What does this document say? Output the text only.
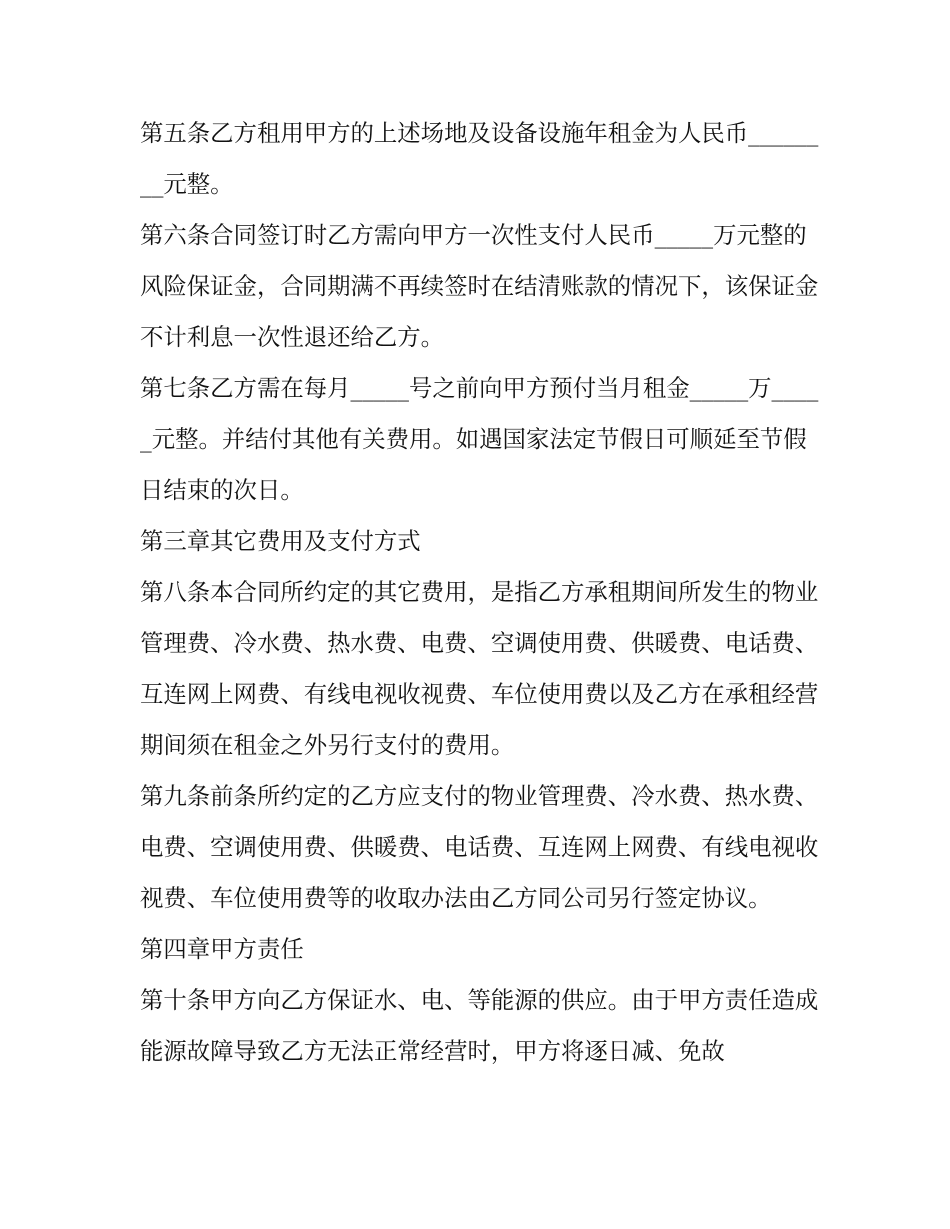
第五条乙方租用甲方的上述场地及设备设施年租金为人民币________元整。

第六条合同签订时乙方需向甲方一次性支付人民币_____万元整的风险保证金，合同期满不再续签时在结清账款的情况下，该保证金不计利息一次性退还给乙方。

第七条乙方需在每月_____号之前向甲方预付当月租金_____万_____元整。并结付其他有关费用。如遇国家法定节假日可顺延至节假日结束的次日。

第三章其它费用及支付方式

第八条本合同所约定的其它费用，是指乙方承租期间所发生的物业管理费、冷水费、热水费、电费、空调使用费、供暖费、电话费、互连网上网费、有线电视收视费、车位使用费以及乙方在承租经营期间须在租金之外另行支付的费用。

第九条前条所约定的乙方应支付的物业管理费、冷水费、热水费、电费、空调使用费、供暖费、电话费、互连网上网费、有线电视收视费、车位使用费等的收取办法由乙方同公司另行签定协议。

第四章甲方责任

第十条甲方向乙方保证水、电、等能源的供应。由于甲方责任造成能源故障导致乙方无法正常经营时，甲方将逐日减、免故
